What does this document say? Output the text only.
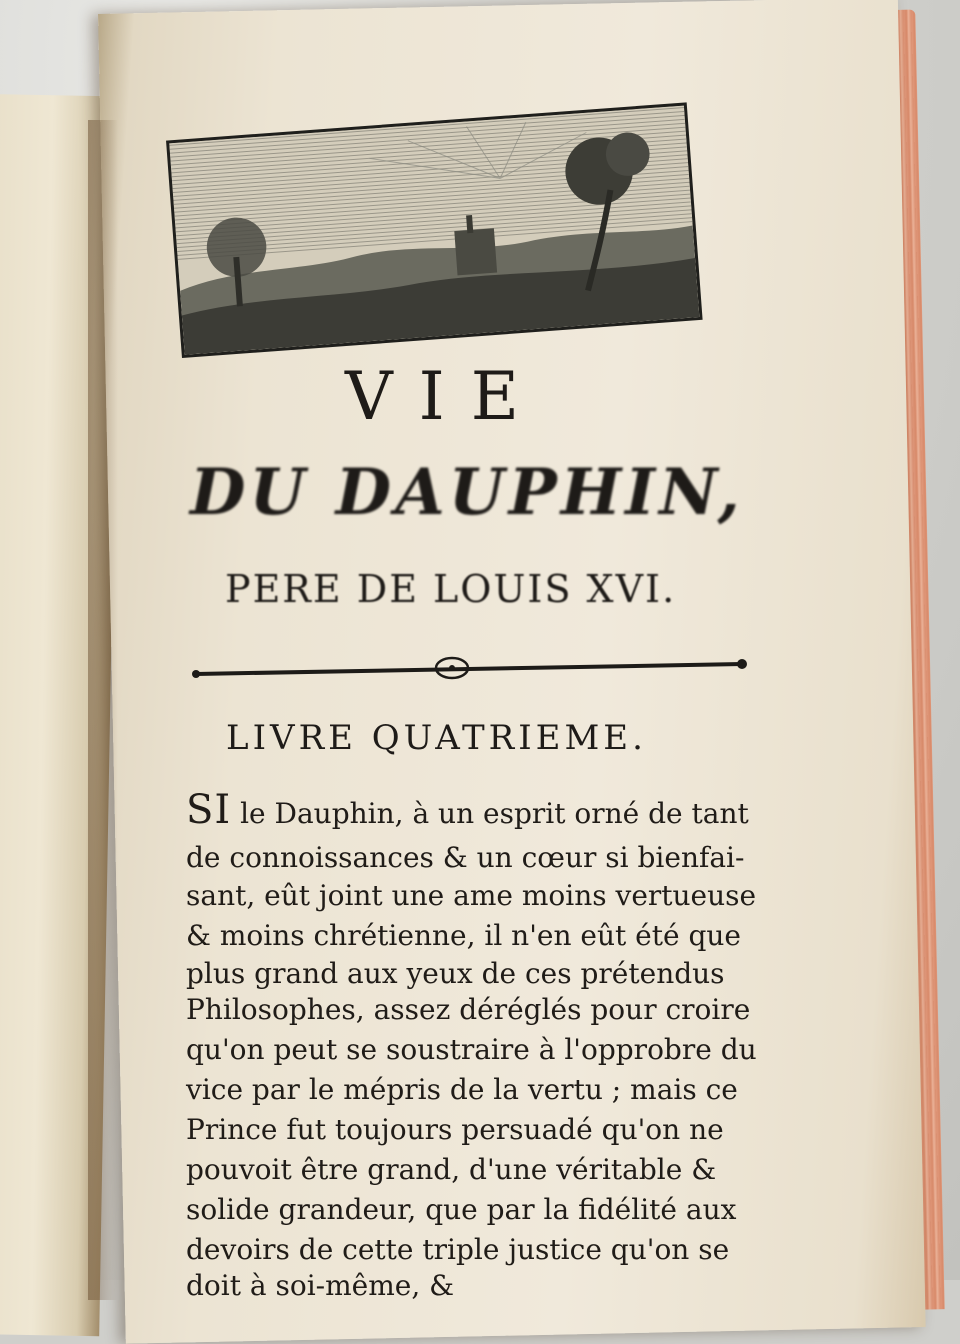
VIE

DU DAUPHIN,

PERE DE LOUIS XVI.

LIVRE QUATRIEME.

SI le Dauphin, à un esprit orné de tant
de connoissances & un cœur si bienfai-
sant, eût joint une ame moins vertueuse
& moins chrétienne, il n'en eût été que
plus grand aux yeux de ces prétendus
Philosophes, assez déréglés pour croire
qu'on peut se soustraire à l'opprobre du
vice par le mépris de la vertu ; mais ce
Prince fut toujours persuadé qu'on ne
pouvoit être grand, d'une véritable &
solide grandeur, que par la fidélité aux
devoirs de cette triple justice qu'on se
doit à soi-même, &
